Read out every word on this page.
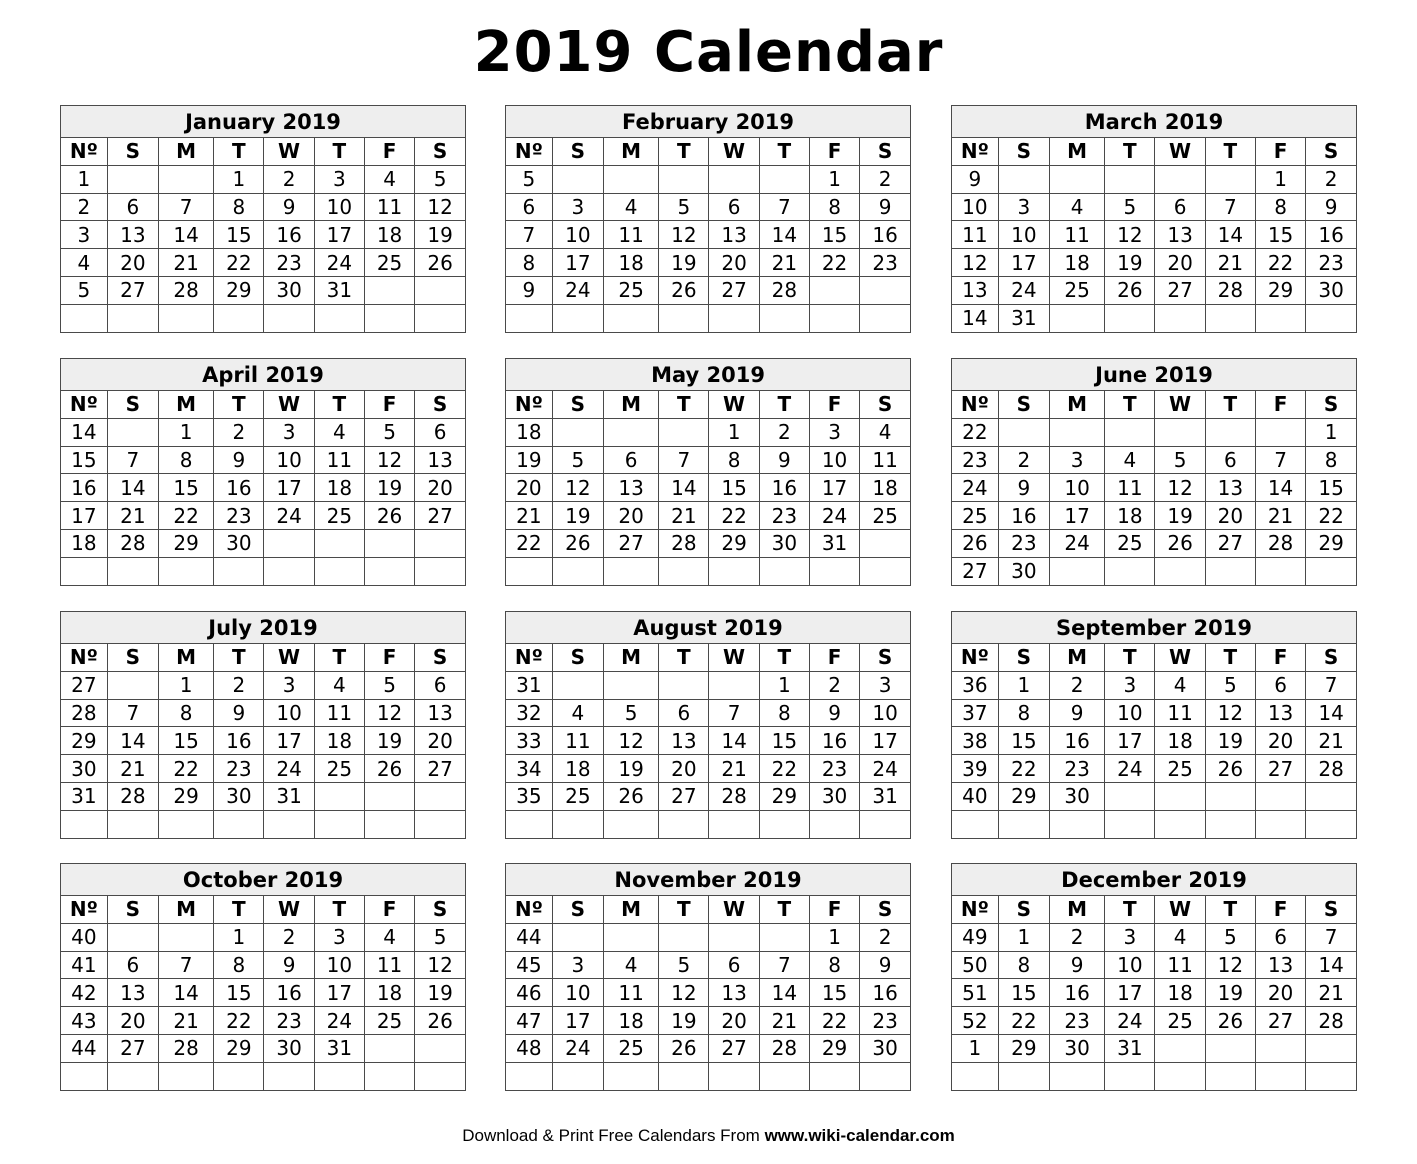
2019 Calendar
January 2019
Nº	S	M	T	W	T	F	S
1			1	2	3	4	5
2	6	7	8	9	10	11	12
3	13	14	15	16	17	18	19
4	20	21	22	23	24	25	26
5	27	28	29	30	31		

February 2019
Nº	S	M	T	W	T	F	S
5						1	2
6	3	4	5	6	7	8	9
7	10	11	12	13	14	15	16
8	17	18	19	20	21	22	23
9	24	25	26	27	28		

March 2019
Nº	S	M	T	W	T	F	S
9						1	2
10	3	4	5	6	7	8	9
11	10	11	12	13	14	15	16
12	17	18	19	20	21	22	23
13	24	25	26	27	28	29	30
14	31						
April 2019
Nº	S	M	T	W	T	F	S
14		1	2	3	4	5	6
15	7	8	9	10	11	12	13
16	14	15	16	17	18	19	20
17	21	22	23	24	25	26	27
18	28	29	30				

May 2019
Nº	S	M	T	W	T	F	S
18				1	2	3	4
19	5	6	7	8	9	10	11
20	12	13	14	15	16	17	18
21	19	20	21	22	23	24	25
22	26	27	28	29	30	31	

June 2019
Nº	S	M	T	W	T	F	S
22							1
23	2	3	4	5	6	7	8
24	9	10	11	12	13	14	15
25	16	17	18	19	20	21	22
26	23	24	25	26	27	28	29
27	30						
July 2019
Nº	S	M	T	W	T	F	S
27		1	2	3	4	5	6
28	7	8	9	10	11	12	13
29	14	15	16	17	18	19	20
30	21	22	23	24	25	26	27
31	28	29	30	31			

August 2019
Nº	S	M	T	W	T	F	S
31					1	2	3
32	4	5	6	7	8	9	10
33	11	12	13	14	15	16	17
34	18	19	20	21	22	23	24
35	25	26	27	28	29	30	31

September 2019
Nº	S	M	T	W	T	F	S
36	1	2	3	4	5	6	7
37	8	9	10	11	12	13	14
38	15	16	17	18	19	20	21
39	22	23	24	25	26	27	28
40	29	30					

October 2019
Nº	S	M	T	W	T	F	S
40			1	2	3	4	5
41	6	7	8	9	10	11	12
42	13	14	15	16	17	18	19
43	20	21	22	23	24	25	26
44	27	28	29	30	31		

November 2019
Nº	S	M	T	W	T	F	S
44						1	2
45	3	4	5	6	7	8	9
46	10	11	12	13	14	15	16
47	17	18	19	20	21	22	23
48	24	25	26	27	28	29	30

December 2019
Nº	S	M	T	W	T	F	S
49	1	2	3	4	5	6	7
50	8	9	10	11	12	13	14
51	15	16	17	18	19	20	21
52	22	23	24	25	26	27	28
1	29	30	31				

Download & Print Free Calendars From www.wiki-calendar.com
